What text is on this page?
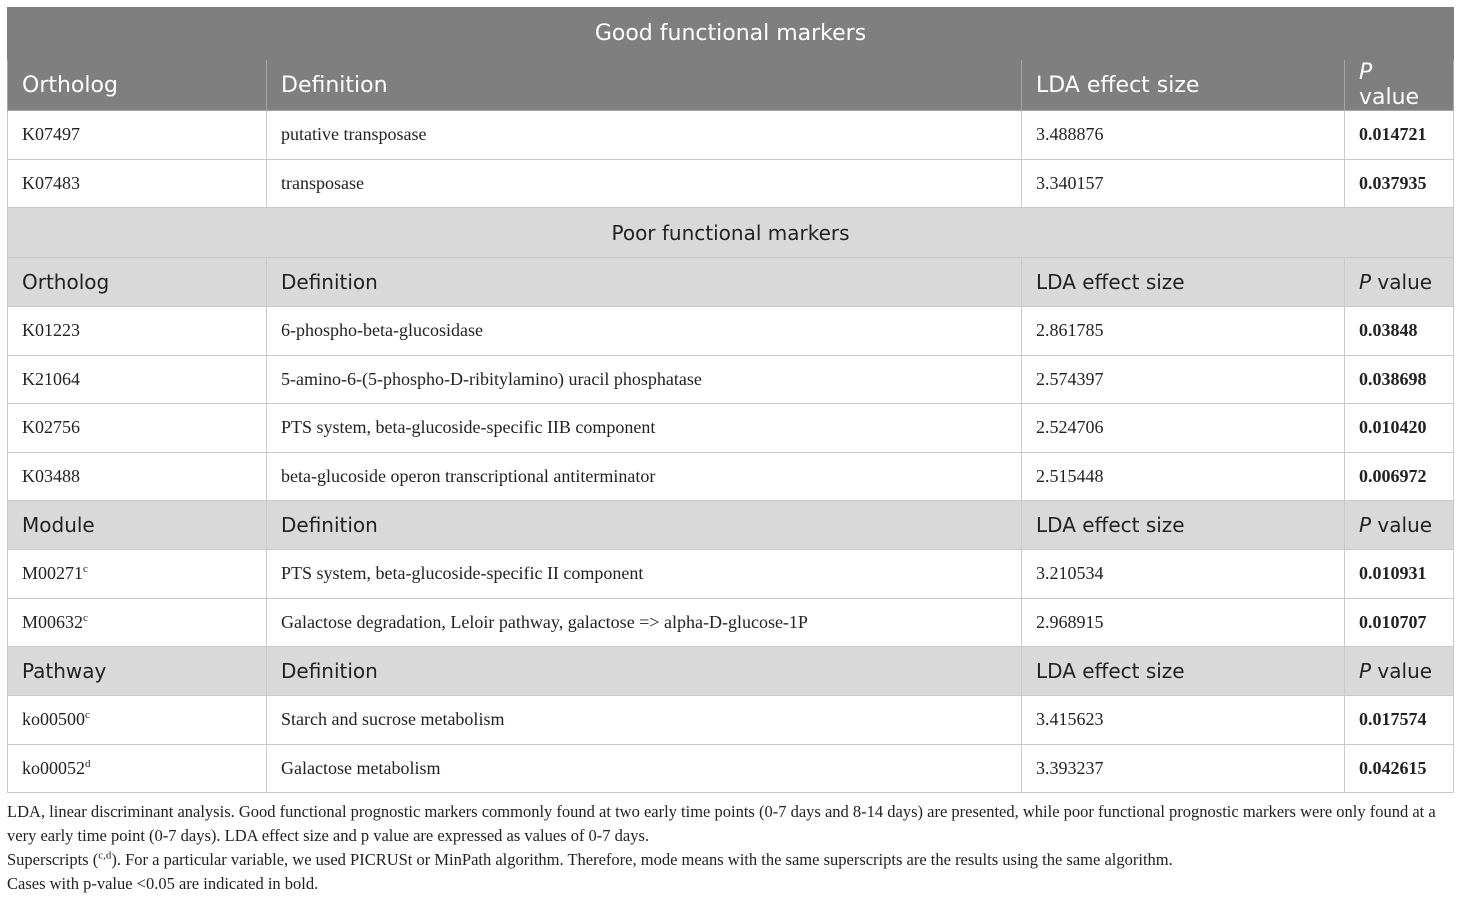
Good functional markers			
Ortholog	Definition	LDA effect size	P value
K07497	putative transposase	3.488876	0.014721
K07483	transposase	3.340157	0.037935
Poor functional markers			
Ortholog	Definition	LDA effect size	P value
K01223	6-phospho-beta-glucosidase	2.861785	0.03848
K21064	5-amino-6-(5-phospho-D-ribitylamino) uracil phosphatase	2.574397	0.038698
K02756	PTS system, beta-glucoside-specific IIB component	2.524706	0.010420
K03488	beta-glucoside operon transcriptional antiterminator	2.515448	0.006972
Module	Definition	LDA effect size	P value
M00271$^c$	PTS system, beta-glucoside-specific II component	3.210534	0.010931
M00632$^c$	Galactose degradation, Leloir pathway, galactose => alpha-D-glucose-1P	2.968915	0.010707
Pathway	Definition	LDA effect size	P value
ko00500$^c$	Starch and sucrose metabolism	3.415623	0.017574
ko00052$^d$	Galactose metabolism	3.393237	0.042615

LDA, linear discriminant analysis. Good functional prognostic markers commonly found at two early time points (0-7 days and 8-14 days) are presented, while poor functional prognostic markers were only found at a very early time point (0-7 days). LDA effect size and p value are expressed as values of 0-7 days.

Superscripts ($^{c,d}$). For a particular variable, we used PICRUSt or MinPath algorithm. Therefore, mode means with the same superscripts are the results using the same algorithm.

Cases with p-value <0.05 are indicated in bold.
